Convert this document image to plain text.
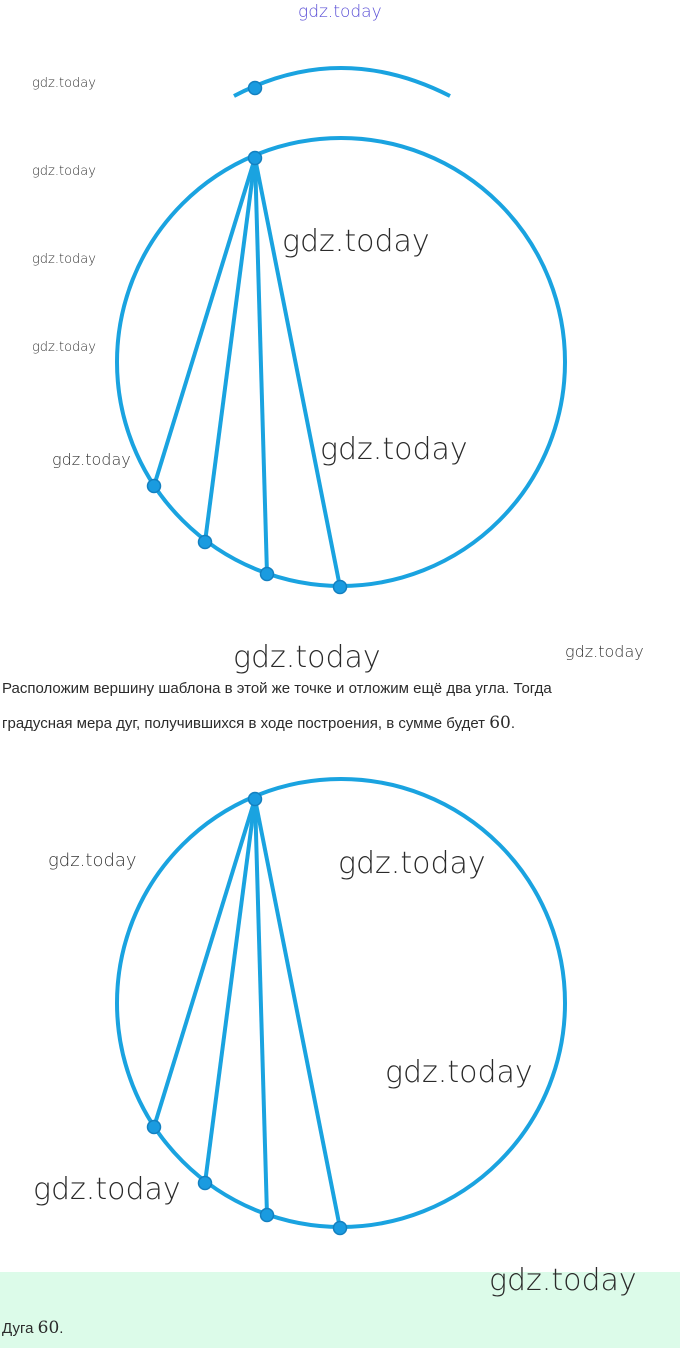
gdz.today
gdz.today
gdz.today
gdz.today
gdz.today
gdz.today
gdz.today
gdz.today
gdz.today	gdz.today
Расположим вершину шаблона в этой же точке и отложим ещё два угла. Тогда
градусная мера дуг, получившихся в ходе построения, в сумме будет 60.
gdz.today	gdz.today
gdz.today
gdz.today
gdz.today
Дуга 60.
